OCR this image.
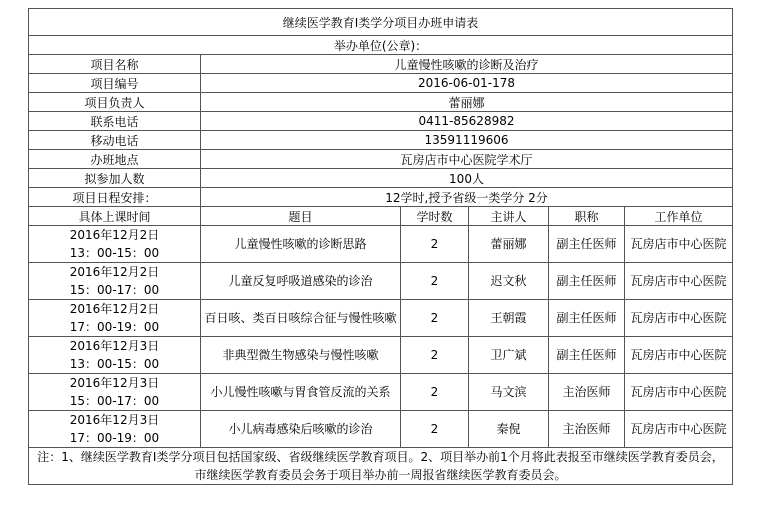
继续医学教育Ⅰ类学分项目办班申请表					
举办单位(公章)：					
项目名称	儿童慢性咳嗽的诊断及治疗				
项目编号	2016-06-01-178				
项目负责人	蕾丽娜				
联系电话	0411-85628982				
移动电话	13591119606				
办班地点	瓦房店市中心医院学术厅				
拟参加人数	100人				
项目日程安排：	12学时,授予省级一类学分 2分				
具体上课时间	题目	学时数	主讲人	职称	工作单位

2016年12月2日
13：00-15：00	儿童慢性咳嗽的诊断思路	2	蕾丽娜	副主任医师	瓦房店市中心医院

2016年12月2日
15：00-17：00	儿童反复呼吸道感染的诊治	2	迟文秋	副主任医师	瓦房店市中心医院

2016年12月2日
17：00-19：00	百日咳、类百日咳综合征与慢性咳嗽	2	王朝霞	副主任医师	瓦房店市中心医院

2016年12月3日
13：00-15：00	非典型微生物感染与慢性咳嗽	2	卫广斌	副主任医师	瓦房店市中心医院

2016年12月3日
15：00-17：00	小儿慢性咳嗽与胃食管反流的关系	2	马文滨	主治医师	瓦房店市中心医院

2016年12月3日
17：00-19：00	小儿病毒感染后咳嗽的诊治	2	秦倪	主治医师	瓦房店市中心医院

注：1、继续医学教育Ⅰ类学分项目包括国家级、省级继续医学教育项目。2、项目举办前1个月将此表报至市继续医学教育委员会，
市继续医学教育委员会务于项目举办前一周报省继续医学教育委员会。					
